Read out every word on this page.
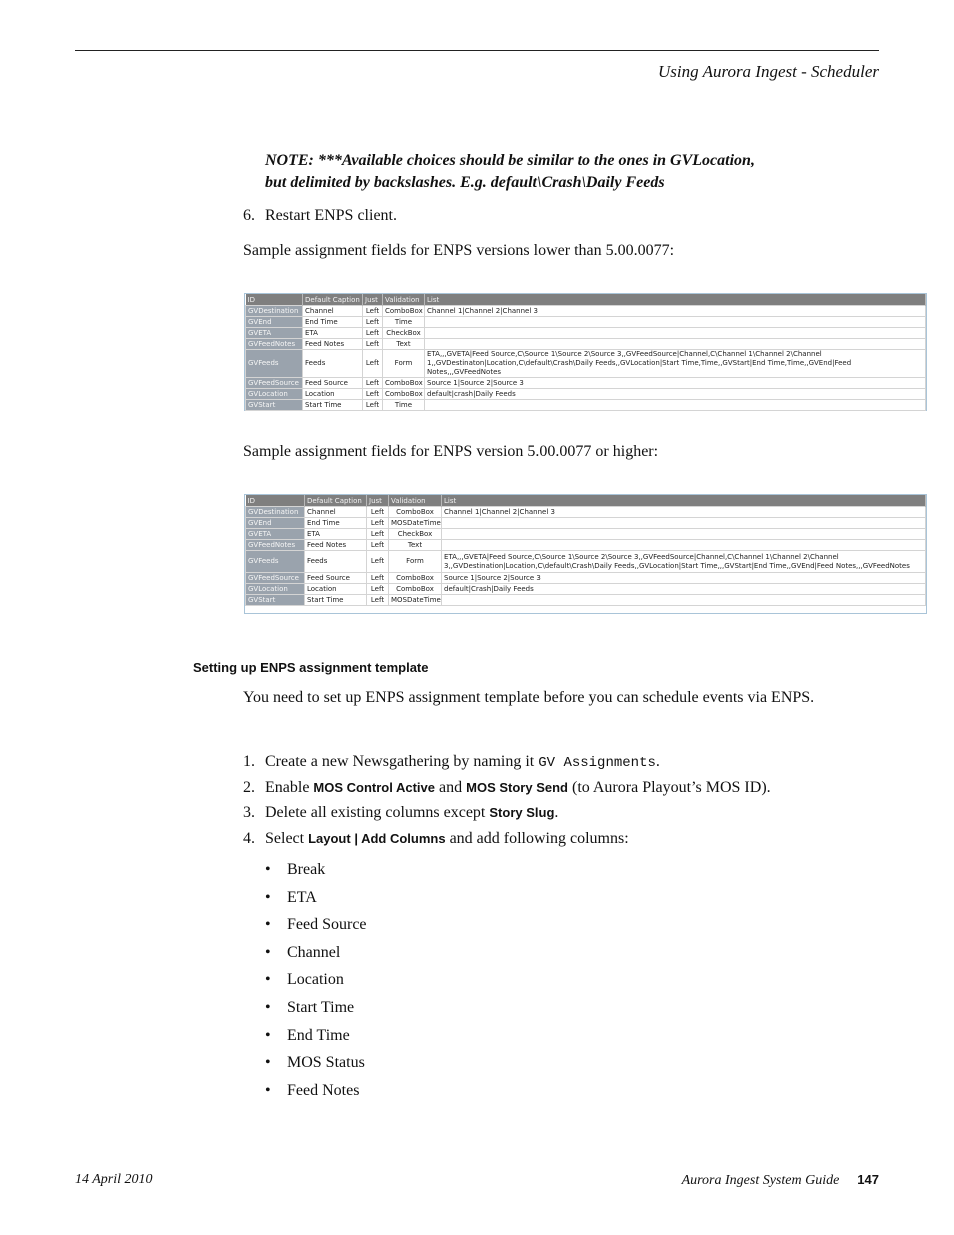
Using Aurora Ingest - Scheduler
NOTE: ***Available choices should be similar to the ones in GVLocation,
but delimited by backslashes. E.g. default\Crash\Daily Feeds
6. Restart ENPS client.
Sample assignment fields for ENPS versions lower than 5.00.0077:
ID	Default Caption	Just	Validation	List
GVDestination	Channel	Left	ComboBox	Channel 1|Channel 2|Channel 3
GVEnd	End Time	Left	Time	
GVETA	ETA	Left	CheckBox	
GVFeedNotes	Feed Notes	Left	Text	
GVFeeds	Feeds	Left	Form	ETA,,,GVETA|Feed Source,C\Source 1\Source 2\Source 3,,GVFeedSource|Channel,C\Channel 1\Channel 2\Channel 1,,GVDestinaton|Location,C\default\Crash\Daily Feeds,,GVLocation|Start Time,Time,,GVStart|End Time,Time,,GVEnd|Feed Notes,,,GVFeedNotes
GVFeedSource	Feed Source	Left	ComboBox	Source 1|Source 2|Source 3
GVLocation	Location	Left	ComboBox	default|crash|Daily Feeds
GVStart	Start Time	Left	Time	
Sample assignment fields for ENPS version 5.00.0077 or higher:
ID	Default Caption	Just	Validation	List
GVDestination	Channel	Left	ComboBox	Channel 1|Channel 2|Channel 3
GVEnd	End Time	Left	MOSDateTime	
GVETA	ETA	Left	CheckBox	
GVFeedNotes	Feed Notes	Left	Text	
GVFeeds	Feeds	Left	Form	ETA,,,GVETA|Feed Source,C\Source 1\Source 2\Source 3,,GVFeedSource|Channel,C\Channel 1\Channel 2\Channel 3,,GVDestination|Location,C\default\Crash\Daily Feeds,,GVLocation|Start Time,,,GVStart|End Time,,GVEnd|Feed Notes,,,GVFeedNotes
GVFeedSource	Feed Source	Left	ComboBox	Source 1|Source 2|Source 3
GVLocation	Location	Left	ComboBox	default|Crash|Daily Feeds
GVStart	Start Time	Left	MOSDateTime	
Setting up ENPS assignment template
You need to set up ENPS assignment template before you can schedule events via ENPS.
1. Create a new Newsgathering by naming it GV Assignments.
2. Enable MOS Control Active and MOS Story Send (to Aurora Playout’s MOS ID).
3. Delete all existing columns except Story Slug.
4. Select Layout | Add Columns and add following columns:
• Break
• ETA
• Feed Source
• Channel
• Location
• Start Time
• End Time
• MOS Status
• Feed Notes
14 April 2010	Aurora Ingest System Guide 147
